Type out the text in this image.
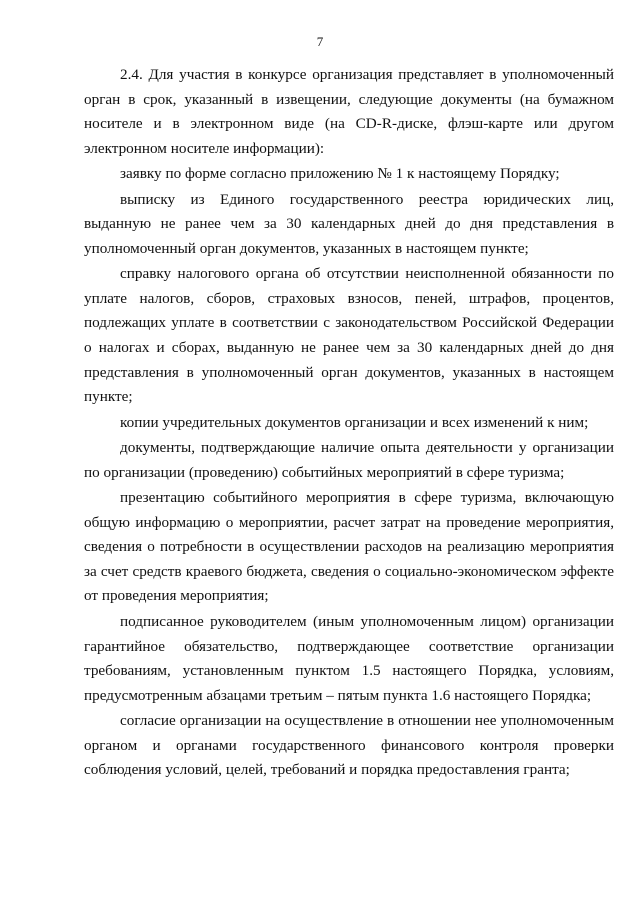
7

2.4. Для участия в конкурсе организация представляет в уполномоченный орган в срок, указанный в извещении, следующие документы (на бумажном носителе и в электронном виде (на CD-R-диске, флэш-карте или другом электронном носителе информации):

заявку по форме согласно приложению № 1 к настоящему Порядку;

выписку из Единого государственного реестра юридических лиц, выданную не ранее чем за 30 календарных дней до дня представления в уполномоченный орган документов, указанных в настоящем пункте;

справку налогового органа об отсутствии неисполненной обязанности по уплате налогов, сборов, страховых взносов, пеней, штрафов, процентов, подлежащих уплате в соответствии с законодательством Российской Федерации о налогах и сборах, выданную не ранее чем за 30 календарных дней до дня представления в уполномоченный орган документов, указанных в настоящем пункте;

копии учредительных документов организации и всех изменений к ним;

документы, подтверждающие наличие опыта деятельности у организации по организации (проведению) событийных мероприятий в сфере туризма;

презентацию событийного мероприятия в сфере туризма, включающую общую информацию о мероприятии, расчет затрат на проведение мероприятия, сведения о потребности в осуществлении расходов на реализацию мероприятия за счет средств краевого бюджета, сведения о социально-экономическом эффекте от проведения мероприятия;

подписанное руководителем (иным уполномоченным лицом) организации гарантийное обязательство, подтверждающее соответствие организации требованиям, установленным пунктом 1.5 настоящего Порядка, условиям, предусмотренным абзацами третьим – пятым пункта 1.6 настоящего Порядка;

согласие организации на осуществление в отношении нее уполномоченным органом и органами государственного финансового контроля проверки соблюдения условий, целей, требований и порядка предоставления гранта;
